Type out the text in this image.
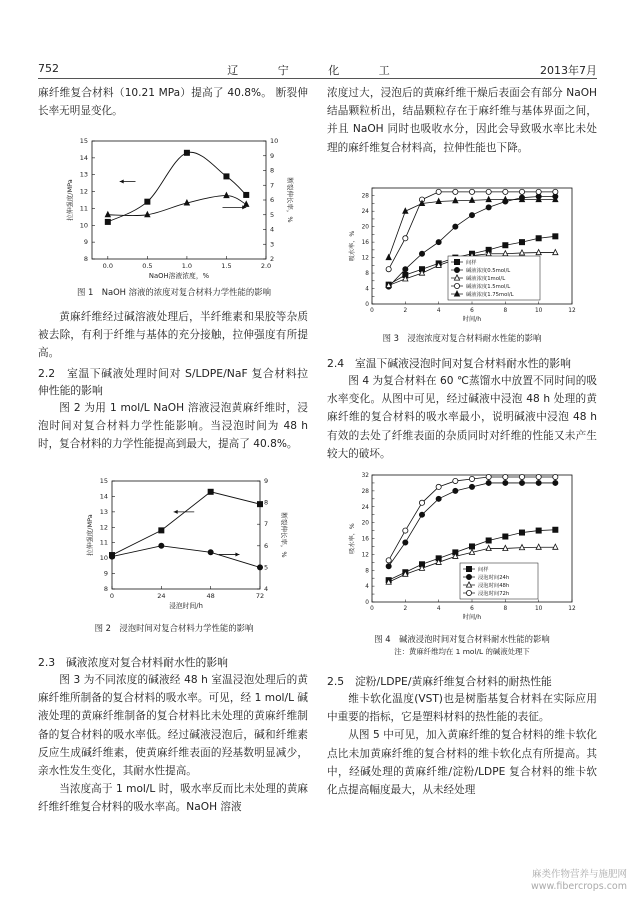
752	辽 宁 化 工	2013年7月

麻纤维复合材料（10.21 MPa）提高了 40.8%。 断裂伸长率无明显变化。

8
9
10
11
12
13
14
15
2
3
4
5
6
7
8
9
10
0.0	0.5	1.0	1.5	2.0
NaOH溶液浓度，%
拉伸强度/MPa	断裂伸长率，%
图 1　NaOH 溶液的浓度对复合材料力学性能的影响

黄麻纤维经过碱溶液处理后，半纤维素和果胶等杂质被去除，有利于纤维与基体的充分接触，拉伸强度有所提高。

2.2　室温下碱液处理时间对 S/LDPE/NaF 复合材料拉伸性能的影响

图 2 为用 1 mol/L NaOH 溶液浸泡黄麻纤维时，浸泡时间对复合材料力学性能影响。当浸泡时间为 48 h 时，复合材料的力学性能提高到最大，提高了 40.8%。

8
9
10
11
12
13
14
15
4
5
6
7
8
9
0	24	48	72
浸泡时间/h
拉伸强度/MPa	断裂伸长率，%
图 2　浸泡时间对复合材料力学性能的影响

2.3　碱液浓度对复合材料耐水性的影响

图 3 为不同浓度的碱液经 48 h 室温浸泡处理后的黄麻纤维所制备的复合材料的吸水率。可见，经 1 mol/L 碱液处理的黄麻纤维制备的复合材料比未处理的黄麻纤维制备的复合材料的吸水率低。经过碱液浸泡后，碱和纤维素反应生成碱纤维素，使黄麻纤维表面的羟基数明显减少，亲水性发生变化，其耐水性提高。

当浓度高于 1 mol/L 时，吸水率反而比未处理的黄麻纤维纤维复合材料的吸水率高。NaOH 溶液

浓度过大，浸泡后的黄麻纤维干燥后表面会有部分 NaOH 结晶颗粒析出，结晶颗粒存在于麻纤维与基体界面之间，并且 NaOH 同时也吸收水分，因此会导致吸水率比未处理的麻纤维复合材料高，拉伸性能也下降。

0
4
8
12
16
20
24
28
0	2	4	6	8	10	12
时间/h
吸水率，%
间样
碱液浓度0.5mol/L
碱液浓度1mol/L
碱液浓度1.5mol/L
碱液浓度1.75mol/L
图 3　浸泡浓度对复合材料耐水性能的影响

2.4　室温下碱液浸泡时间对复合材料耐水性的影响

图 4 为复合材料在 60 ℃蒸馏水中放置不同时间的吸水率变化。从图中可见，经过碱液中浸泡 48 h 处理的黄麻纤维的复合材料的吸水率最小，说明碱液中浸泡 48 h 有效的去处了纤维表面的杂质同时对纤维的性能又未产生较大的破坏。

0
4
8
12
16
20
24
28
32
0	2	4	6	8	10	12
时间/h
吸水率，%
间样
浸泡时间24h
浸泡时间48h
浸泡时间72h
图 4　碱液浸泡时间对复合材料耐水性能的影响
注：黄麻纤维均在 1 mol/L 的碱液处理下

2.5　淀粉/LDPE/黄麻纤维复合材料的耐热性能

维卡软化温度(VST)也是树脂基复合材料在实际应用中重要的指标，它是塑料材料的热性能的表征。

从图 5 中可见，加入黄麻纤维的复合材料的维卡软化点比未加黄麻纤维的复合材料的维卡软化点有所提高。其中，经碱处理的黄麻纤维/淀粉/LDPE 复合材料的维卡软化点提高幅度最大，从未经处理

麻类作物营养与施肥网
www.fibercrops.com
